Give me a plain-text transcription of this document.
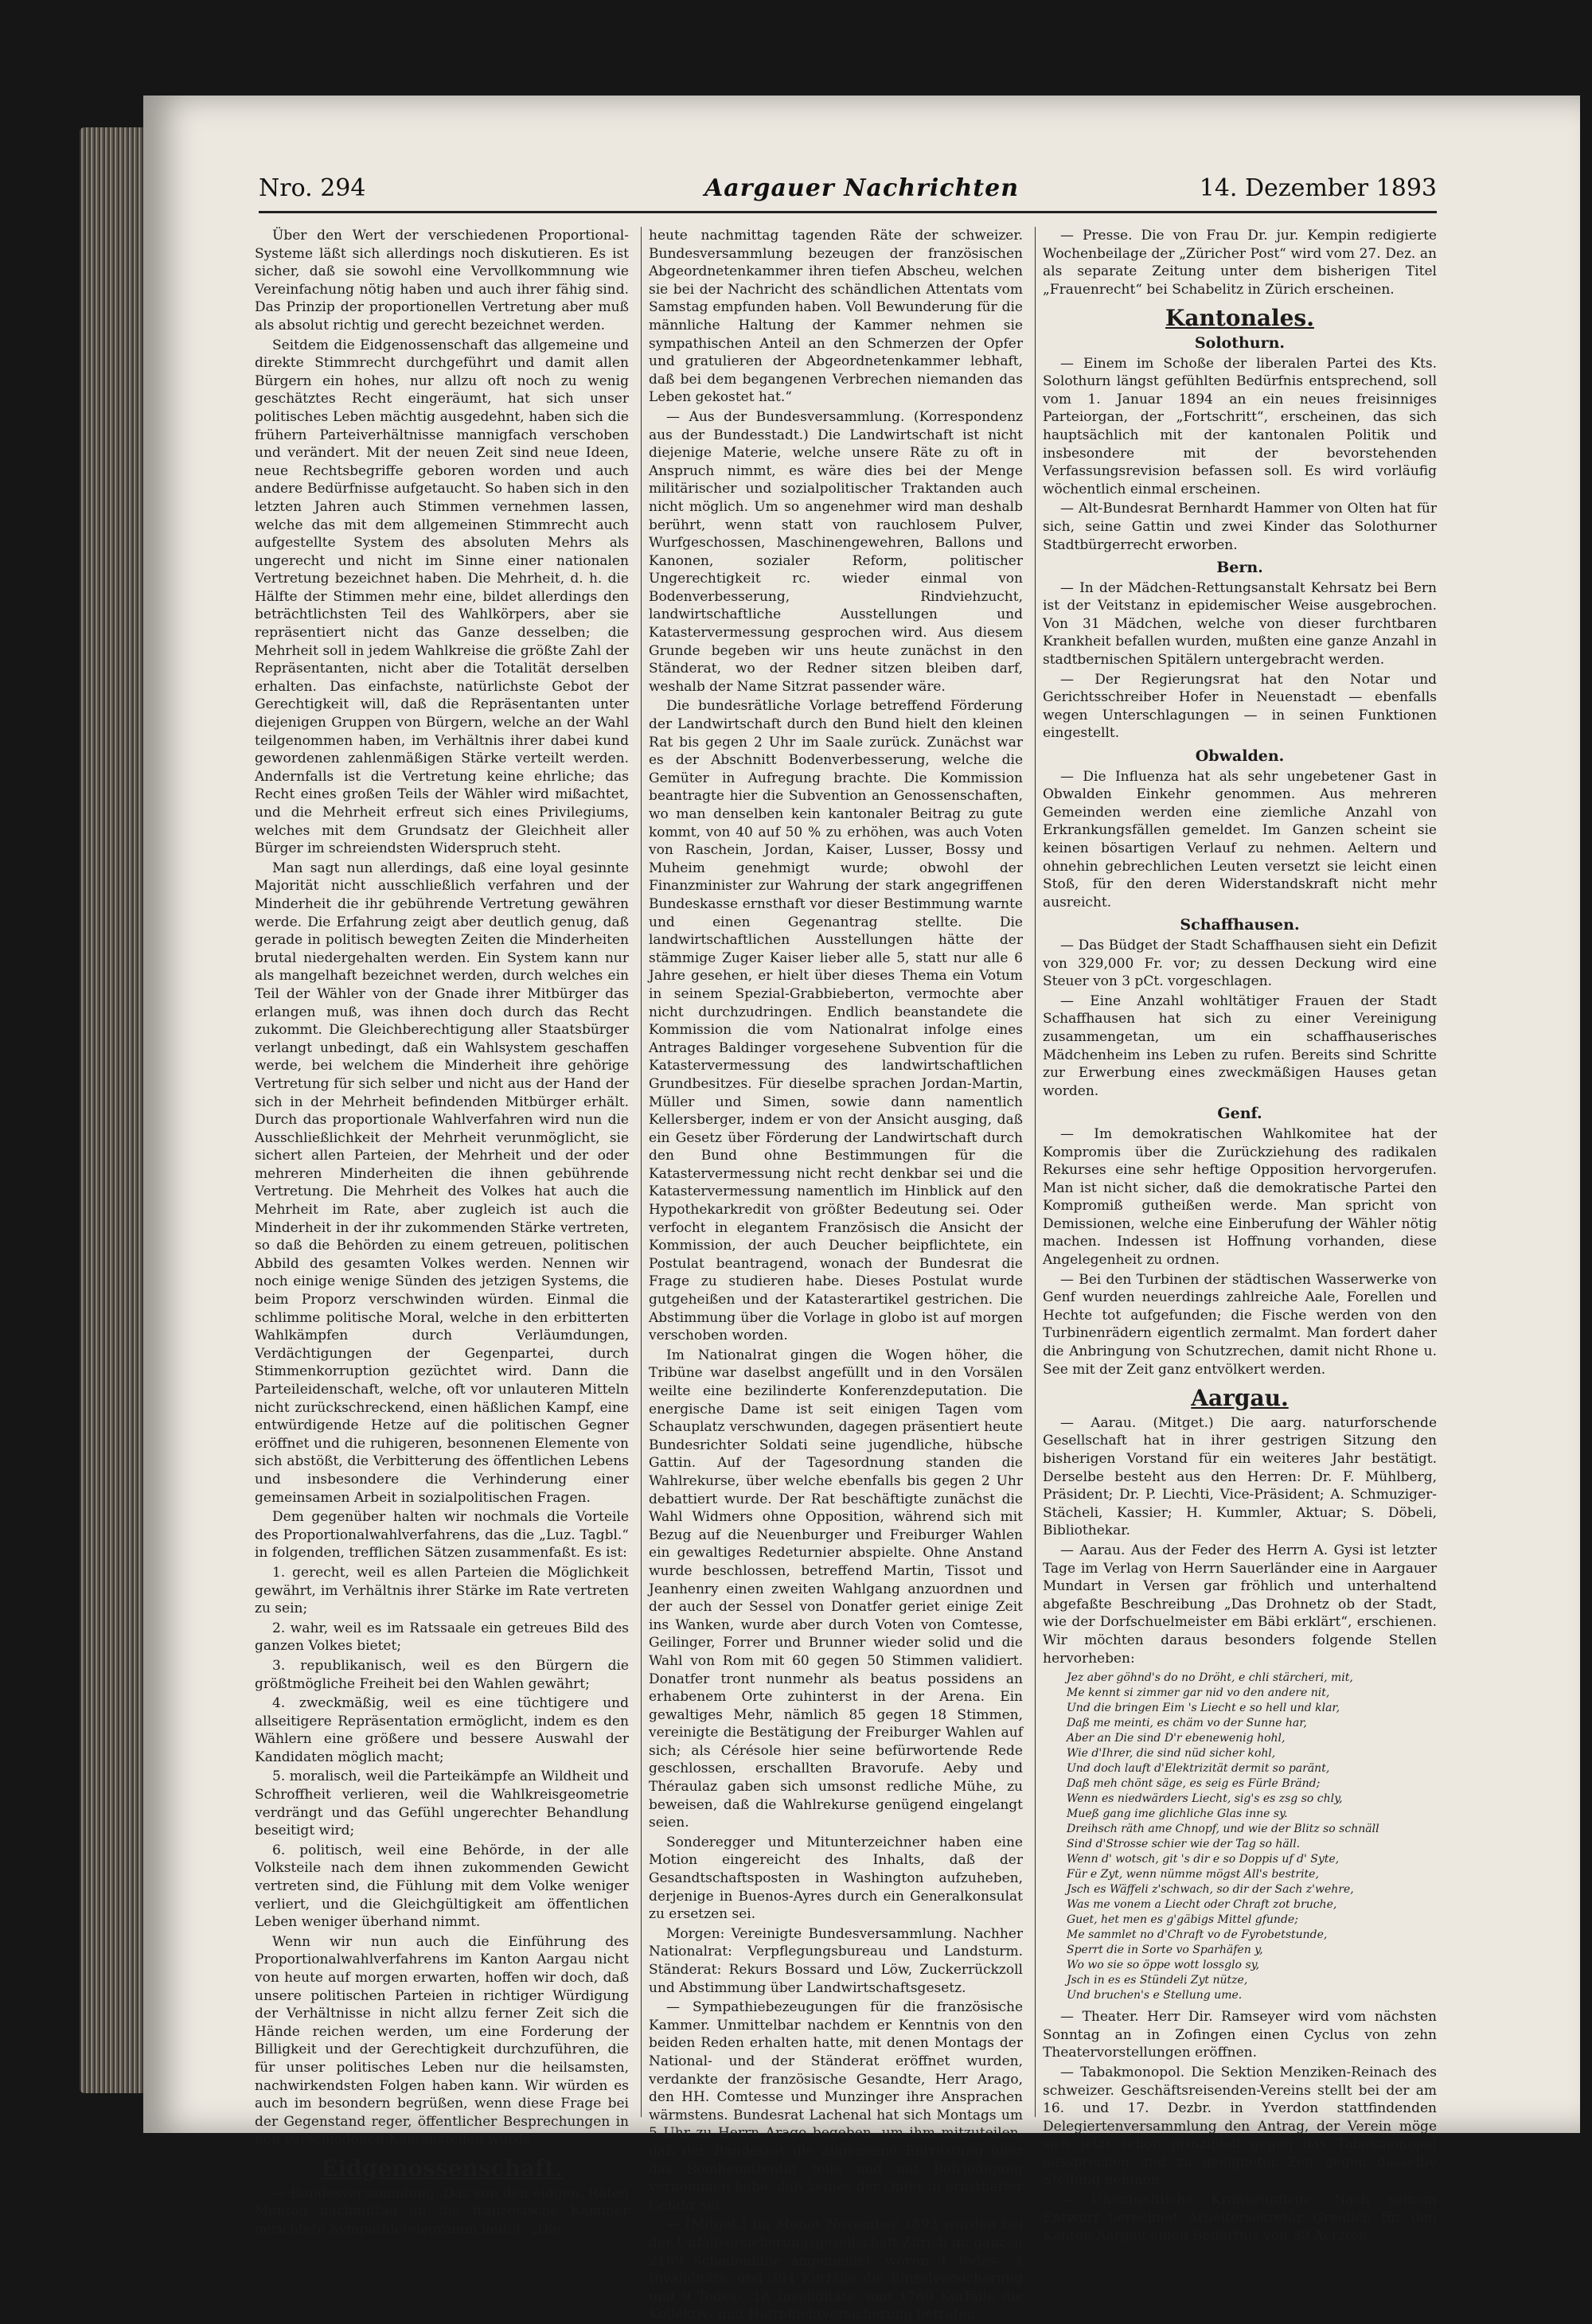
Nro. 294	Aargauer Nachrichten	14. Dezember 1893

Über den Wert der verschiedenen Proportional-Systeme läßt sich allerdings noch diskutieren. Es ist sicher, daß sie sowohl eine Vervollkommnung wie Vereinfachung nötig haben und auch ihrer fähig sind. Das Prinzip der proportionellen Vertretung aber muß als absolut richtig und gerecht bezeichnet werden.

Seitdem die Eidgenossenschaft das allgemeine und direkte Stimmrecht durchgeführt und damit allen Bürgern ein hohes, nur allzu oft noch zu wenig geschätztes Recht eingeräumt, hat sich unser politisches Leben mächtig ausgedehnt, haben sich die frühern Parteiverhältnisse mannigfach verschoben und verändert. Mit der neuen Zeit sind neue Ideen, neue Rechtsbegriffe geboren worden und auch andere Bedürfnisse aufgetaucht. So haben sich in den letzten Jahren auch Stimmen vernehmen lassen, welche das mit dem allgemeinen Stimmrecht auch aufgestellte System des absoluten Mehrs als ungerecht und nicht im Sinne einer nationalen Vertretung bezeichnet haben. Die Mehrheit, d. h. die Hälfte der Stimmen mehr eine, bildet allerdings den beträchtlichsten Teil des Wahlkörpers, aber sie repräsentiert nicht das Ganze desselben; die Mehrheit soll in jedem Wahlkreise die größte Zahl der Repräsentanten, nicht aber die Totalität derselben erhalten. Das einfachste, natürlichste Gebot der Gerechtigkeit will, daß die Repräsentanten unter diejenigen Gruppen von Bürgern, welche an der Wahl teilgenommen haben, im Verhältnis ihrer dabei kund gewordenen zahlenmäßigen Stärke verteilt werden. Andernfalls ist die Vertretung keine ehrliche; das Recht eines großen Teils der Wähler wird mißachtet, und die Mehrheit erfreut sich eines Privilegiums, welches mit dem Grundsatz der Gleichheit aller Bürger im schreiendsten Widerspruch steht.

Man sagt nun allerdings, daß eine loyal gesinnte Majorität nicht ausschließlich verfahren und der Minderheit die ihr gebührende Vertretung gewähren werde. Die Erfahrung zeigt aber deutlich genug, daß gerade in politisch bewegten Zeiten die Minderheiten brutal niedergehalten werden. Ein System kann nur als mangelhaft bezeichnet werden, durch welches ein Teil der Wähler von der Gnade ihrer Mitbürger das erlangen muß, was ihnen doch durch das Recht zukommt. Die Gleichberechtigung aller Staatsbürger verlangt unbedingt, daß ein Wahlsystem geschaffen werde, bei welchem die Minderheit ihre gehörige Vertretung für sich selber und nicht aus der Hand der sich in der Mehrheit befindenden Mitbürger erhält. Durch das proportionale Wahlverfahren wird nun die Ausschließlichkeit der Mehrheit verunmöglicht, sie sichert allen Parteien, der Mehrheit und der oder mehreren Minderheiten die ihnen gebührende Vertretung. Die Mehrheit des Volkes hat auch die Mehrheit im Rate, aber zugleich ist auch die Minderheit in der ihr zukommenden Stärke vertreten, so daß die Behörden zu einem getreuen, politischen Abbild des gesamten Volkes werden. Nennen wir noch einige wenige Sünden des jetzigen Systems, die beim Proporz verschwinden würden. Einmal die schlimme politische Moral, welche in den erbitterten Wahlkämpfen durch Verläumdungen, Verdächtigungen der Gegenpartei, durch Stimmenkorruption gezüchtet wird. Dann die Parteileidenschaft, welche, oft vor unlauteren Mitteln nicht zurückschreckend, einen häßlichen Kampf, eine entwürdigende Hetze auf die politischen Gegner eröffnet und die ruhigeren, besonnenen Elemente von sich abstößt, die Verbitterung des öffentlichen Lebens und insbesondere die Verhinderung einer gemeinsamen Arbeit in sozialpolitischen Fragen.

Dem gegenüber halten wir nochmals die Vorteile des Proportionalwahlverfahrens, das die „Luz. Tagbl.“ in folgenden, trefflichen Sätzen zusammenfaßt. Es ist:

1. gerecht, weil es allen Parteien die Möglichkeit gewährt, im Verhältnis ihrer Stärke im Rate vertreten zu sein;

2. wahr, weil es im Ratssaale ein getreues Bild des ganzen Volkes bietet;

3. republikanisch, weil es den Bürgern die größtmögliche Freiheit bei den Wahlen gewährt;

4. zweckmäßig, weil es eine tüchtigere und allseitigere Repräsentation ermöglicht, indem es den Wählern eine größere und bessere Auswahl der Kandidaten möglich macht;

5. moralisch, weil die Parteikämpfe an Wildheit und Schroffheit verlieren, weil die Wahlkreisgeometrie verdrängt und das Gefühl ungerechter Behandlung beseitigt wird;

6. politisch, weil eine Behörde, in der alle Volksteile nach dem ihnen zukommenden Gewicht vertreten sind, die Fühlung mit dem Volke weniger verliert, und die Gleichgültigkeit am öffentlichen Leben weniger überhand nimmt.

Wenn wir nun auch die Einführung des Proportionalwahlverfahrens im Kanton Aargau nicht von heute auf morgen erwarten, hoffen wir doch, daß unsere politischen Parteien in richtiger Würdigung der Verhältnisse in nicht allzu ferner Zeit sich die Hände reichen werden, um eine Forderung der Billigkeit und der Gerechtigkeit durchzuführen, die für unser politisches Leben nur die heilsamsten, nachwirkendsten Folgen haben kann. Wir würden es auch im besondern begrüßen, wenn diese Frage bei der Gegenstand reger, öffentlicher Besprechungen in den verschiedenen Kantonsteilen würde.

Eidgenossenschaft.

— Bundesversammlung. Das von den eidgen. Räten Montag nachmittag an die französische Kammer gerichtete Sympathietelegramm lautet: „Die

heute nachmittag tagenden Räte der schweizer. Bundesversammlung bezeugen der französischen Abgeordnetenkammer ihren tiefen Abscheu, welchen sie bei der Nachricht des schändlichen Attentats vom Samstag empfunden haben. Voll Bewunderung für die männliche Haltung der Kammer nehmen sie sympathischen Anteil an den Schmerzen der Opfer und gratulieren der Abgeordnetenkammer lebhaft, daß bei dem begangenen Verbrechen niemanden das Leben gekostet hat.“

— Aus der Bundesversammlung. (Korrespondenz aus der Bundesstadt.) Die Landwirtschaft ist nicht diejenige Materie, welche unsere Räte zu oft in Anspruch nimmt, es wäre dies bei der Menge militärischer und sozialpolitischer Traktanden auch nicht möglich. Um so angenehmer wird man deshalb berührt, wenn statt von rauchlosem Pulver, Wurfgeschossen, Maschinengewehren, Ballons und Kanonen, sozialer Reform, politischer Ungerechtigkeit rc. wieder einmal von Bodenverbesserung, Rindviehzucht, landwirtschaftliche Ausstellungen und Katastervermessung gesprochen wird. Aus diesem Grunde begeben wir uns heute zunächst in den Ständerat, wo der Redner sitzen bleiben darf, weshalb der Name Sitzrat passender wäre.

Die bundesrätliche Vorlage betreffend Förderung der Landwirtschaft durch den Bund hielt den kleinen Rat bis gegen 2 Uhr im Saale zurück. Zunächst war es der Abschnitt Bodenverbesserung, welche die Gemüter in Aufregung brachte. Die Kommission beantragte hier die Subvention an Genossenschaften, wo man denselben kein kantonaler Beitrag zu gute kommt, von 40 auf 50 % zu erhöhen, was auch Voten von Raschein, Jordan, Kaiser, Lusser, Bossy und Muheim genehmigt wurde; obwohl der Finanzminister zur Wahrung der stark angegriffenen Bundeskasse ernsthaft vor dieser Bestimmung warnte und einen Gegenantrag stellte. Die landwirtschaftlichen Ausstellungen hätte der stämmige Zuger Kaiser lieber alle 5, statt nur alle 6 Jahre gesehen, er hielt über dieses Thema ein Votum in seinem Spezial-Grabbieberton, vermochte aber nicht durchzudringen. Endlich beanstandete die Kommission die vom Nationalrat infolge eines Antrages Baldinger vorgesehene Subvention für die Katastervermessung des landwirtschaftlichen Grundbesitzes. Für dieselbe sprachen Jordan-Martin, Müller und Simen, sowie dann namentlich Kellersberger, indem er von der Ansicht ausging, daß ein Gesetz über Förderung der Landwirtschaft durch den Bund ohne Bestimmungen für die Katastervermessung nicht recht denkbar sei und die Katastervermessung namentlich im Hinblick auf den Hypothekarkredit von größter Bedeutung sei. Oder verfocht in elegantem Französisch die Ansicht der Kommission, der auch Deucher beipflichtete, ein Postulat beantragend, wonach der Bundesrat die Frage zu studieren habe. Dieses Postulat wurde gutgeheißen und der Katasterartikel gestrichen. Die Abstimmung über die Vorlage in globo ist auf morgen verschoben worden.

Im Nationalrat gingen die Wogen höher, die Tribüne war daselbst angefüllt und in den Vorsälen weilte eine bezilinderte Konferenzdeputation. Die energische Dame ist seit einigen Tagen vom Schauplatz verschwunden, dagegen präsentiert heute Bundesrichter Soldati seine jugendliche, hübsche Gattin. Auf der Tagesordnung standen die Wahlrekurse, über welche ebenfalls bis gegen 2 Uhr debattiert wurde. Der Rat beschäftigte zunächst die Wahl Widmers ohne Opposition, während sich mit Bezug auf die Neuenburger und Freiburger Wahlen ein gewaltiges Redeturnier abspielte. Ohne Anstand wurde beschlossen, betreffend Martin, Tissot und Jeanhenry einen zweiten Wahlgang anzuordnen und der auch der Sessel von Donatfer geriet einige Zeit ins Wanken, wurde aber durch Voten von Comtesse, Geilinger, Forrer und Brunner wieder solid und die Wahl von Rom mit 60 gegen 50 Stimmen validiert. Donatfer tront nunmehr als beatus possidens an erhabenem Orte zuhinterst in der Arena. Ein gewaltiges Mehr, nämlich 85 gegen 18 Stimmen, vereinigte die Bestätigung der Freiburger Wahlen auf sich; als Cérésole hier seine befürwortende Rede geschlossen, erschallten Bravorufe. Aeby und Théraulaz gaben sich umsonst redliche Mühe, zu beweisen, daß die Wahlrekurse genügend eingelangt seien.

Sonderegger und Mitunterzeichner haben eine Motion eingereicht des Inhalts, daß der Gesandtschaftsposten in Washington aufzuheben, derjenige in Buenos-Ayres durch ein Generalkonsulat zu ersetzen sei.

Morgen: Vereinigte Bundesversammlung. Nachher Nationalrat: Verpflegungsbureau und Landsturm. Ständerat: Rekurs Bossard und Löw, Zuckerrückzoll und Abstimmung über Landwirtschaftsgesetz.

— Sympathiebezeugungen für die französische Kammer. Unmittelbar nachdem er Kenntnis von den beiden Reden erhalten hatte, mit denen Montags der National- und der Ständerat eröffnet wurden, verdankte der französische Gesandte, Herr Arago, den HH. Comtesse und Munzinger ihre Ansprachen wärmstens. Bundesrat Lachenal hat sich Montags um 5 Uhr zu Herrn Arago begeben, um ihm mitzuteilen, daß der Bundesrat die allgemeine Entrüstung über das Bombenattentat teile und mit Befriedigung vernommen habe, daß keines der Opfer in ernsthafter Gefahr sei.

— (Mitget.) Im Monat November 1893 wurden bei der Unfallversicherungsgesellschaft Zürich im ganzen 2189 Schadenfälle angemeldet, wovon 4 Todes-, 4 Invaliditäts- und 394 Kurfälle die Einzelversicherung und 9 Todes-, 18 Invaliditäts- und 1760 Kurfälle die Kollektiv- und Haftpflichtversicherung betrafen.

— Presse. Die von Frau Dr. jur. Kempin redigierte Wochenbeilage der „Züricher Post“ wird vom 27. Dez. an als separate Zeitung unter dem bisherigen Titel „Frauenrecht“ bei Schabelitz in Zürich erscheinen.

Kantonales.
Solothurn.

— Einem im Schoße der liberalen Partei des Kts. Solothurn längst gefühlten Bedürfnis entsprechend, soll vom 1. Januar 1894 an ein neues freisinniges Parteiorgan, der „Fortschritt“, erscheinen, das sich hauptsächlich mit der kantonalen Politik und insbesondere mit der bevorstehenden Verfassungsrevision befassen soll. Es wird vorläufig wöchentlich einmal erscheinen.

— Alt-Bundesrat Bernhardt Hammer von Olten hat für sich, seine Gattin und zwei Kinder das Solothurner Stadtbürgerrecht erworben.

Bern.

— In der Mädchen-Rettungsanstalt Kehrsatz bei Bern ist der Veitstanz in epidemischer Weise ausgebrochen. Von 31 Mädchen, welche von dieser furchtbaren Krankheit befallen wurden, mußten eine ganze Anzahl in stadtbernischen Spitälern untergebracht werden.

— Der Regierungsrat hat den Notar und Gerichtsschreiber Hofer in Neuenstadt — ebenfalls wegen Unterschlagungen — in seinen Funktionen eingestellt.

Obwalden.

— Die Influenza hat als sehr ungebetener Gast in Obwalden Einkehr genommen. Aus mehreren Gemeinden werden eine ziemliche Anzahl von Erkrankungsfällen gemeldet. Im Ganzen scheint sie keinen bösartigen Verlauf zu nehmen. Aeltern und ohnehin gebrechlichen Leuten versetzt sie leicht einen Stoß, für den deren Widerstandskraft nicht mehr ausreicht.

Schaffhausen.

— Das Büdget der Stadt Schaffhausen sieht ein Defizit von 329,000 Fr. vor; zu dessen Deckung wird eine Steuer von 3 pCt. vorgeschlagen.

— Eine Anzahl wohltätiger Frauen der Stadt Schaffhausen hat sich zu einer Vereinigung zusammengetan, um ein schaffhauserisches Mädchenheim ins Leben zu rufen. Bereits sind Schritte zur Erwerbung eines zweckmäßigen Hauses getan worden.

Genf.

— Im demokratischen Wahlkomitee hat der Kompromis über die Zurückziehung des radikalen Rekurses eine sehr heftige Opposition hervorgerufen. Man ist nicht sicher, daß die demokratische Partei den Kompromiß gutheißen werde. Man spricht von Demissionen, welche eine Einberufung der Wähler nötig machen. Indessen ist Hoffnung vorhanden, diese Angelegenheit zu ordnen.

— Bei den Turbinen der städtischen Wasserwerke von Genf wurden neuerdings zahlreiche Aale, Forellen und Hechte tot aufgefunden; die Fische werden von den Turbinenrädern eigentlich zermalmt. Man fordert daher die Anbringung von Schutzrechen, damit nicht Rhone u. See mit der Zeit ganz entvölkert werden.

Aargau.

— Aarau. (Mitget.) Die aarg. naturforschende Gesellschaft hat in ihrer gestrigen Sitzung den bisherigen Vorstand für ein weiteres Jahr bestätigt. Derselbe besteht aus den Herren: Dr. F. Mühlberg, Präsident; Dr. P. Liechti, Vice-Präsident; A. Schmuziger-Stächeli, Kassier; H. Kummler, Aktuar; S. Döbeli, Bibliothekar.

— Aarau. Aus der Feder des Herrn A. Gysi ist letzter Tage im Verlag von Herrn Sauerländer eine in Aargauer Mundart in Versen gar fröhlich und unterhaltend abgefaßte Beschreibung „Das Drohnetz ob der Stadt, wie der Dorfschuelmeister em Bäbi erklärt“, erschienen. Wir möchten daraus besonders folgende Stellen hervorheben:

Jez aber göhnd's do no Dröht, e chli stärcheri, mit,
Me kennt si zimmer gar nid vo den andere nit,
Und die bringen Eim 's Liecht e so hell und klar,
Daß me meinti, es chäm vo der Sunne har,
Aber an Die sind D'r ebenewenig hohl,
Wie d'Ihrer, die sind nüd sicher kohl,
Und doch lauft d'Elektrizität dermit so paränt,
Daß meh chönt säge, es seig es Fürle Bränd;
Wenn es niedwärders Liecht, sig's es zsg so chly,
Mueß gang ime glichliche Glas inne sy.
Dreihsch räth ame Chnopf, und wie der Blitz so schnäll
Sind d'Strosse schier wie der Tag so häll.
Wenn d' wotsch, git 's dir e so Doppis uf d' Syte,
Für e Zyt, wenn nümme mögst All's bestrite,
Jsch es Wäffeli z'schwach, so dir der Sach z'wehre,
Was me vonem a Liecht oder Chraft zot bruche,
Guet, het men es g'gäbigs Mittel gfunde;
Me sammlet no d'Chraft vo de Fyrobetstunde,
Sperrt die in Sorte vo Sparhäfen y,
Wo wo sie so öppe wott lossglo sy,
Jsch in es es Stündeli Zyt nütze,
Und bruchen's e Stellung ume.

— Theater. Herr Dir. Ramseyer wird vom nächsten Sonntag an in Zofingen einen Cyclus von zehn Theatervorstellungen eröffnen.

— Tabakmonopol. Die Sektion Menziken-Reinach des schweizer. Geschäftsreisenden-Vereins stellt bei der am 16. und 17. Dezbr. in Yverdon stattfindenden Delegiertenversammlung den Antrag, der Verein möge sich jetzt schon prinzipiell gegen das Tabakmonopol aussprechen und zu geeigneter Zeit gegen dasselbe Stellung nehmen.

— Unentgeltliche Krankenpflege. Nach seinem Entwurf berechnet Arbeitersekretär Greulich für den Kanton Aargau einen Bedürfnis von 80 Aerzten,
